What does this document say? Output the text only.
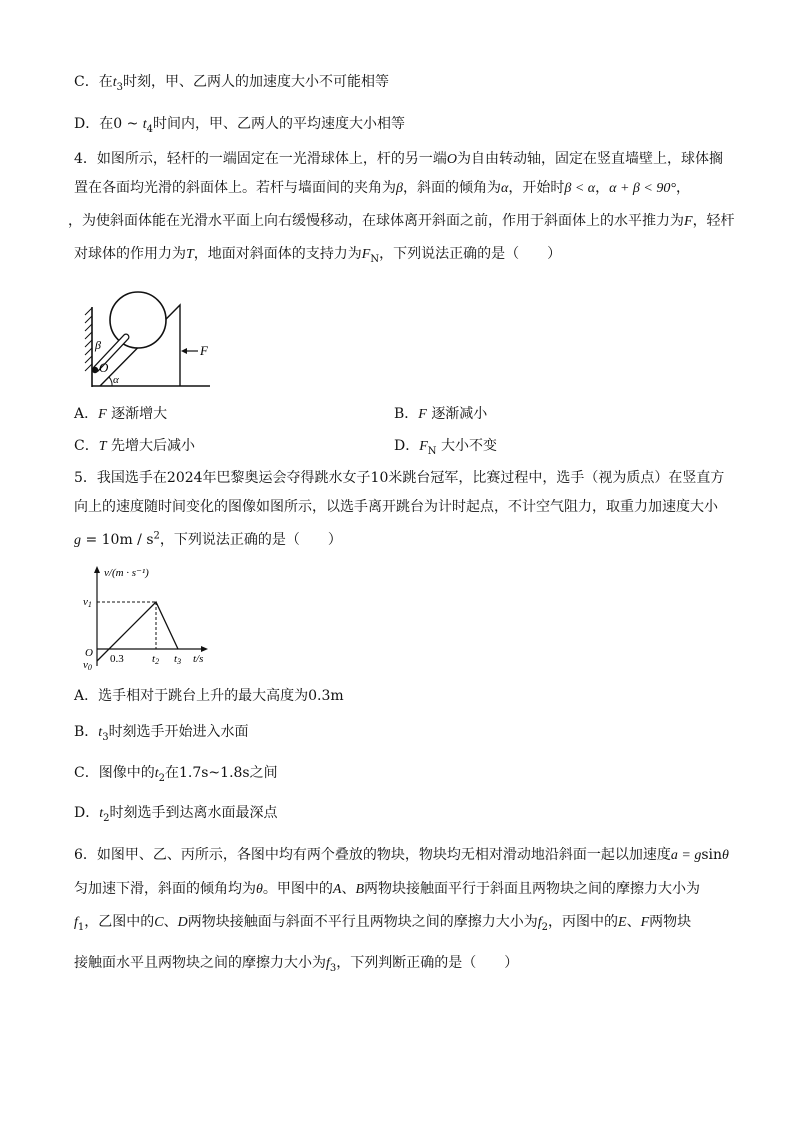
C．在$t_3$时刻，甲、乙两人的加速度大小不可能相等
D．在0 ~ $t_4$时间内，甲、乙两人的平均速度大小相等
4．如图所示，轻杆的一端固定在一光滑球体上，杆的另一端O为自由转动轴，固定在竖直墙壁上，球体搁
置在各面均光滑的斜面体上。若杆与墙面间的夹角为β，斜面的倾角为α，开始时β < α，α + β < 90°，
，为使斜面体能在光滑水平面上向右缓慢移动，在球体离开斜面之前，作用于斜面体上的水平推力为F，轻杆
对球体的作用力为T，地面对斜面体的支持力为$F_N$，下列说法正确的是（　　）
β
O
α
F
A．F 逐渐增大	B．F 逐渐减小
C．T 先增大后减小	D．$F_N$ 大小不变
5．我国选手在2024年巴黎奥运会夺得跳水女子10米跳台冠军，比赛过程中，选手（视为质点）在竖直方
向上的速度随时间变化的图像如图所示，以选手离开跳台为计时起点，不计空气阻力，取重力加速度大小
$g = 10m / s^2$，下列说法正确的是（　　）
v/(m · s⁻¹)
v1
O
v0
0.3	t2 t3 t/s
A．选手相对于跳台上升的最大高度为0.3m
B．$t_3$时刻选手开始进入水面
C．图像中的$t_2$在1.7s~1.8s之间
D．$t_2$时刻选手到达离水面最深点
6．如图甲、乙、丙所示，各图中均有两个叠放的物块，物块均无相对滑动地沿斜面一起以加速度a = gsinθ
匀加速下滑，斜面的倾角均为θ。甲图中的A、B两物块接触面平行于斜面且两物块之间的摩擦力大小为
$f_1$，乙图中的C、D两物块接触面与斜面不平行且两物块之间的摩擦力大小为$f_2$，丙图中的E、F两物块
接触面水平且两物块之间的摩擦力大小为$f_3$，下列判断正确的是（　　）
